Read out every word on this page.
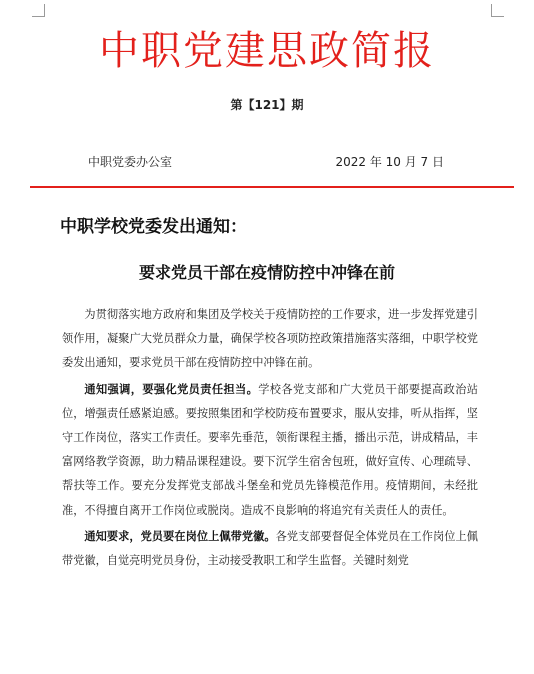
中职党建思政简报
第【121】期
中职党委办公室	2022 年 10 月 7 日
中职学校党委发出通知：
要求党员干部在疫情防控中冲锋在前

为贯彻落实地方政府和集团及学校关于疫情防控的工作要求，进一步发挥党建引领作用，凝聚广大党员群众力量，确保学校各项防控政策措施落实落细，中职学校党委发出通知，要求党员干部在疫情防控中冲锋在前。

通知强调，要强化党员责任担当。学校各党支部和广大党员干部要提高政治站位，增强责任感紧迫感。要按照集团和学校防疫布置要求，服从安排，听从指挥，坚守工作岗位，落实工作责任。要率先垂范，领衔课程主播，播出示范，讲成精品，丰富网络教学资源，助力精品课程建设。要下沉学生宿舍包班，做好宣传、心理疏导、帮扶等工作。要充分发挥党支部战斗堡垒和党员先锋模范作用。疫情期间，未经批准，不得擅自离开工作岗位或脱岗。造成不良影响的将追究有关责任人的责任。

通知要求，党员要在岗位上佩带党徽。各党支部要督促全体党员在工作岗位上佩带党徽，自觉亮明党员身份，主动接受教职工和学生监督。关键时刻党
